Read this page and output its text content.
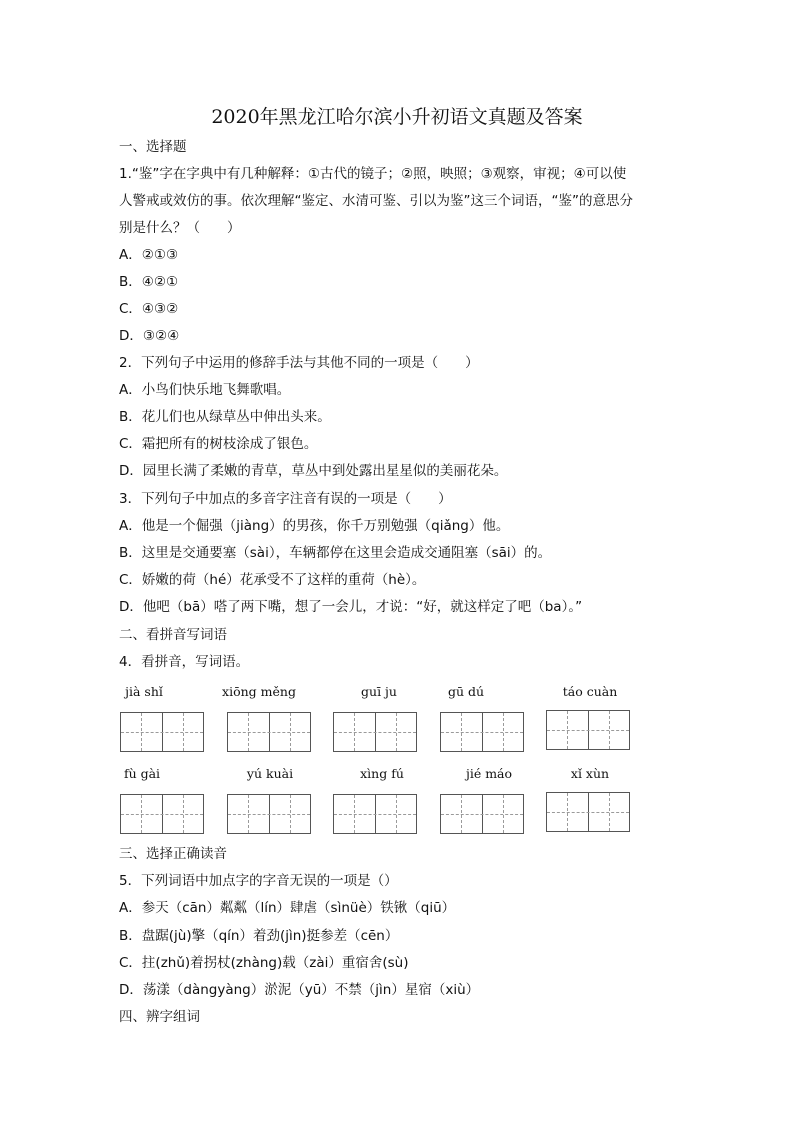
2020年黑龙江哈尔滨小升初语文真题及答案
一、选择题
1.“鉴”字在字典中有几种解释：①古代的镜子；②照，映照；③观察，审视；④可以使
人警戒或效仿的事。依次理解“鉴定、水清可鉴、引以为鉴”这三个词语，“鉴”的意思分
别是什么？（　　）
A．②①③
B．④②①
C．④③②
D．③②④
2．下列句子中运用的修辞手法与其他不同的一项是（　　）
A．小鸟们快乐地飞舞歌唱。
B．花儿们也从绿草丛中伸出头来。
C．霜把所有的树枝涂成了银色。
D．园里长满了柔嫩的青草，草丛中到处露出星星似的美丽花朵。
3．下列句子中加点的多音字注音有误的一项是（　　）
A．他是一个倔强（jiàng）的男孩，你千万别勉强（qiǎng）他。
B．这里是交通要塞（sài），车辆都停在这里会造成交通阻塞（sāi）的。
C．娇嫩的荷（hé）花承受不了这样的重荷（hè）。
D．他吧（bā）嗒了两下嘴，想了一会儿，才说：“好，就这样定了吧（ba）。”
二、看拼音写词语
4．看拼音，写词语。
jià shǐ	xiōng měng	guī ju	gū dú	táo cuàn
fù gài	yú kuài	xìng fú	jié máo	xǐ xùn
三、选择正确读音
5．下列词语中加点字的字音无误的一项是（）
A．参天（cān）粼粼（lín）肆虐（sìnüè）铁锹（qiū）
B．盘踞(jù)擎（qín）着劲(jìn)挺参差（cēn）
C．拄(zhǔ)着拐杖(zhàng)载（zài）重宿舍(sù)
D．荡漾（dàngyàng）淤泥（yū）不禁（jìn）星宿（xiù）
四、辨字组词
